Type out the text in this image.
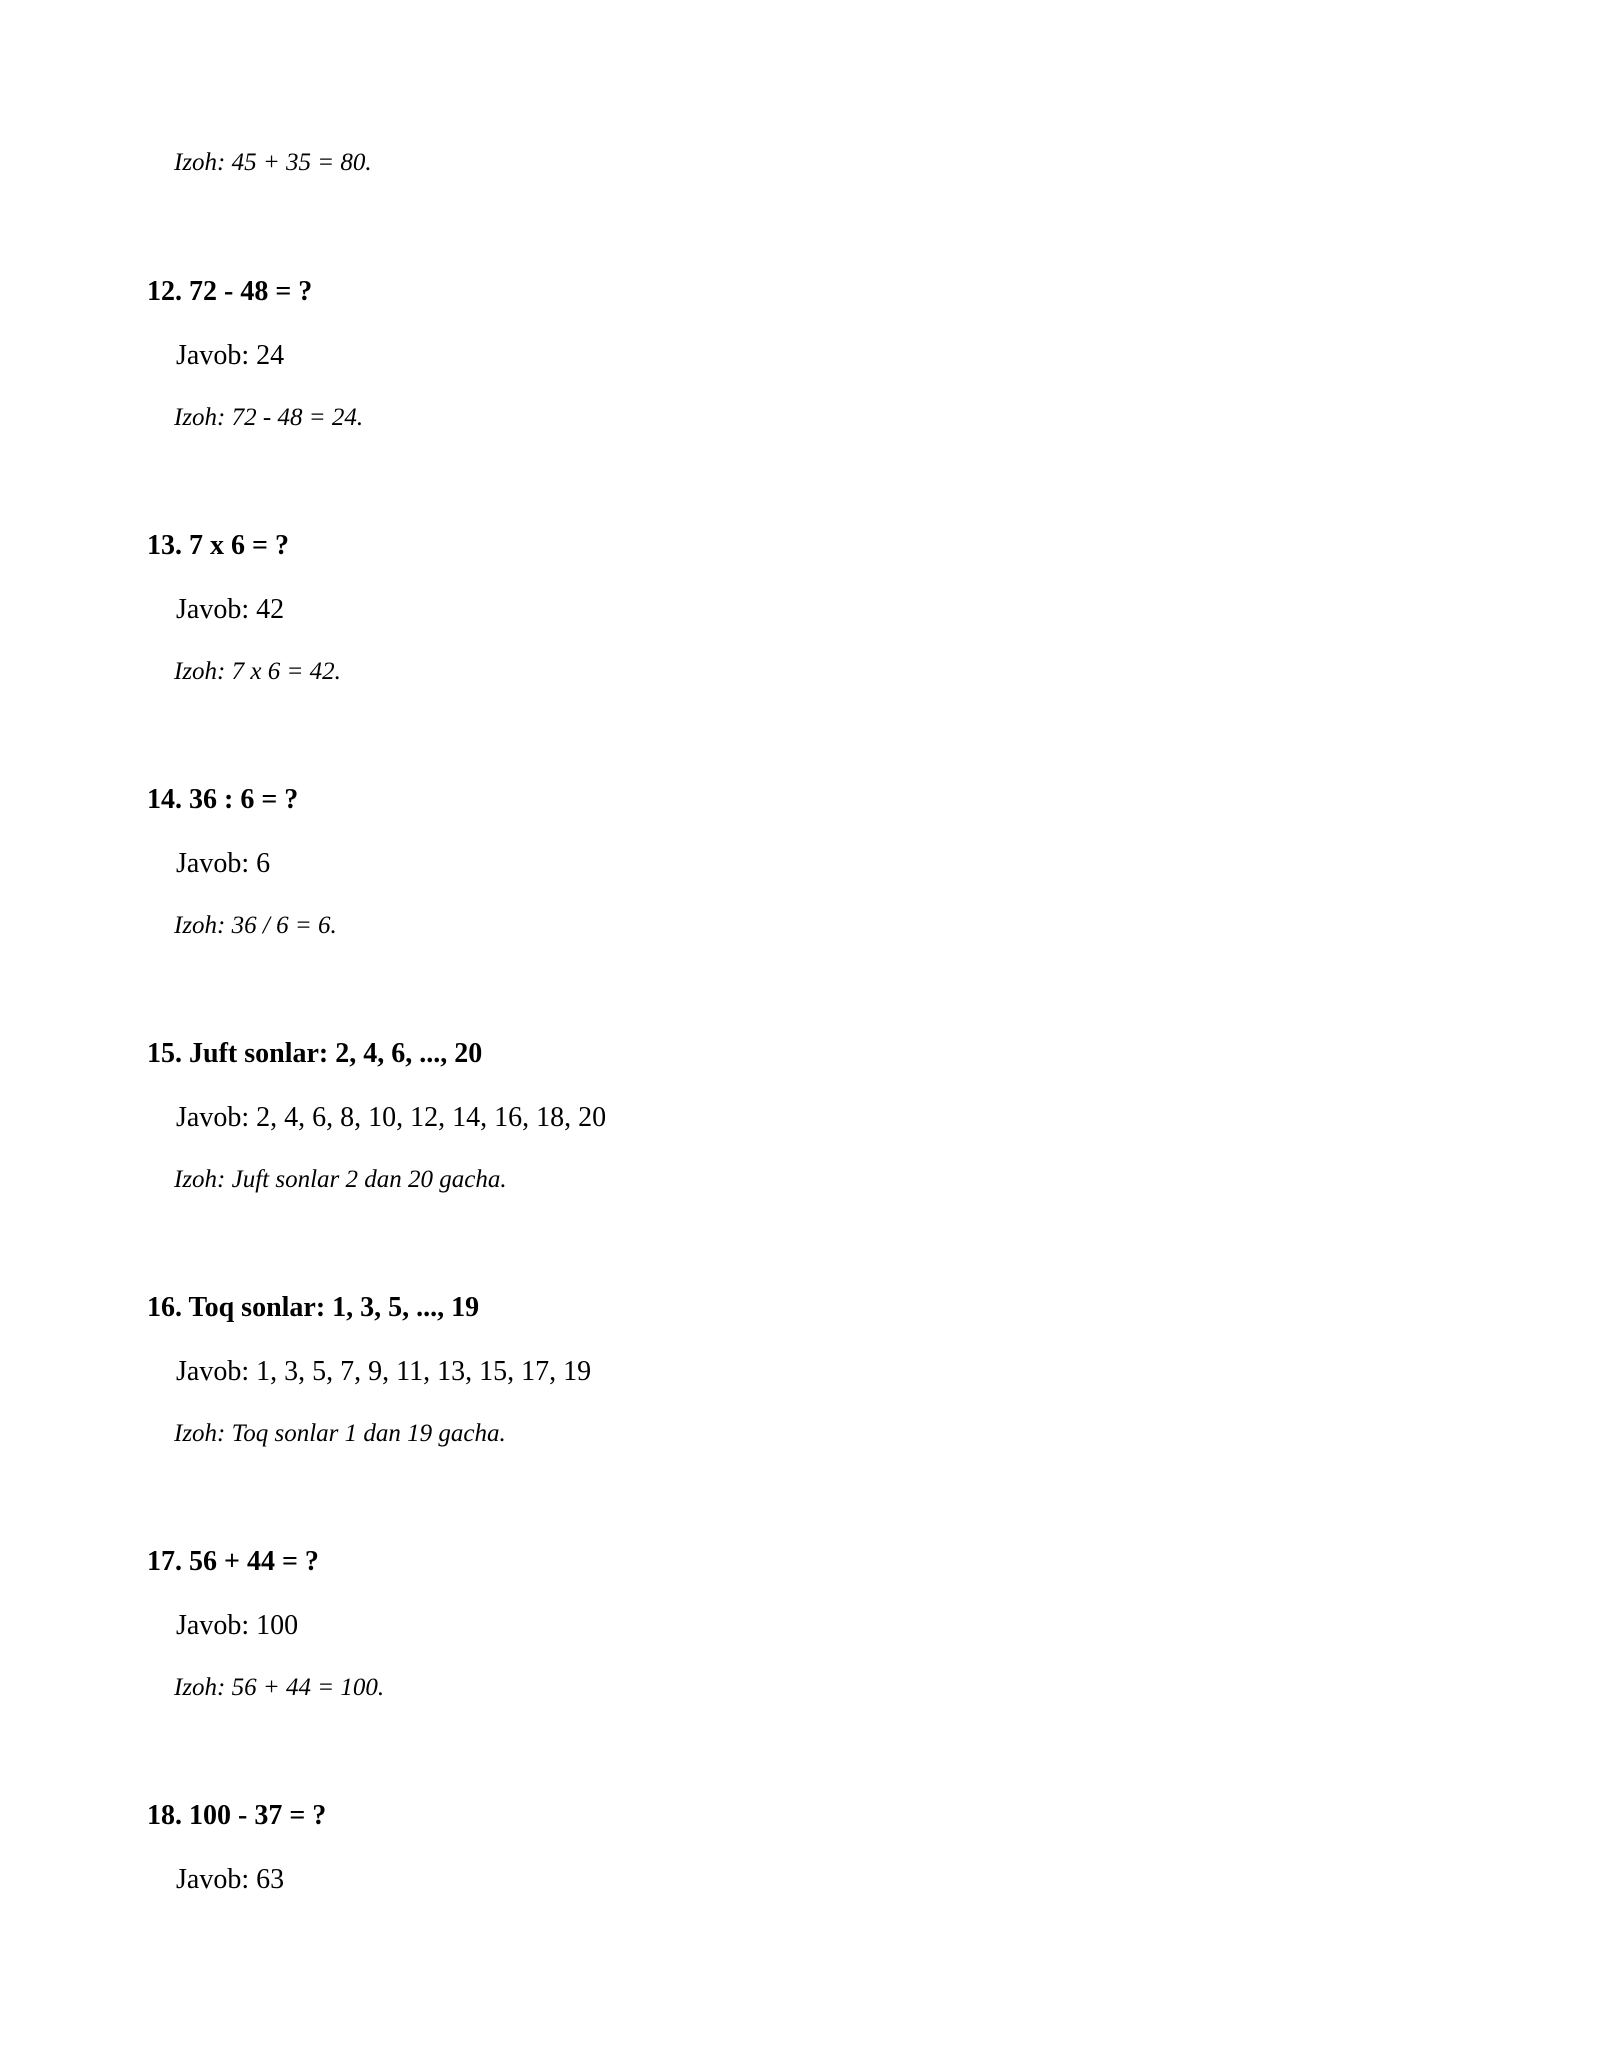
Izoh: 45 + 35 = 80.
12. 72 - 48 = ?
Javob: 24
Izoh: 72 - 48 = 24.
13. 7 x 6 = ?
Javob: 42
Izoh: 7 x 6 = 42.
14. 36 : 6 = ?
Javob: 6
Izoh: 36 / 6 = 6.
15. Juft sonlar: 2, 4, 6, ..., 20
Javob: 2, 4, 6, 8, 10, 12, 14, 16, 18, 20
Izoh: Juft sonlar 2 dan 20 gacha.
16. Toq sonlar: 1, 3, 5, ..., 19
Javob: 1, 3, 5, 7, 9, 11, 13, 15, 17, 19
Izoh: Toq sonlar 1 dan 19 gacha.
17. 56 + 44 = ?
Javob: 100
Izoh: 56 + 44 = 100.
18. 100 - 37 = ?
Javob: 63
